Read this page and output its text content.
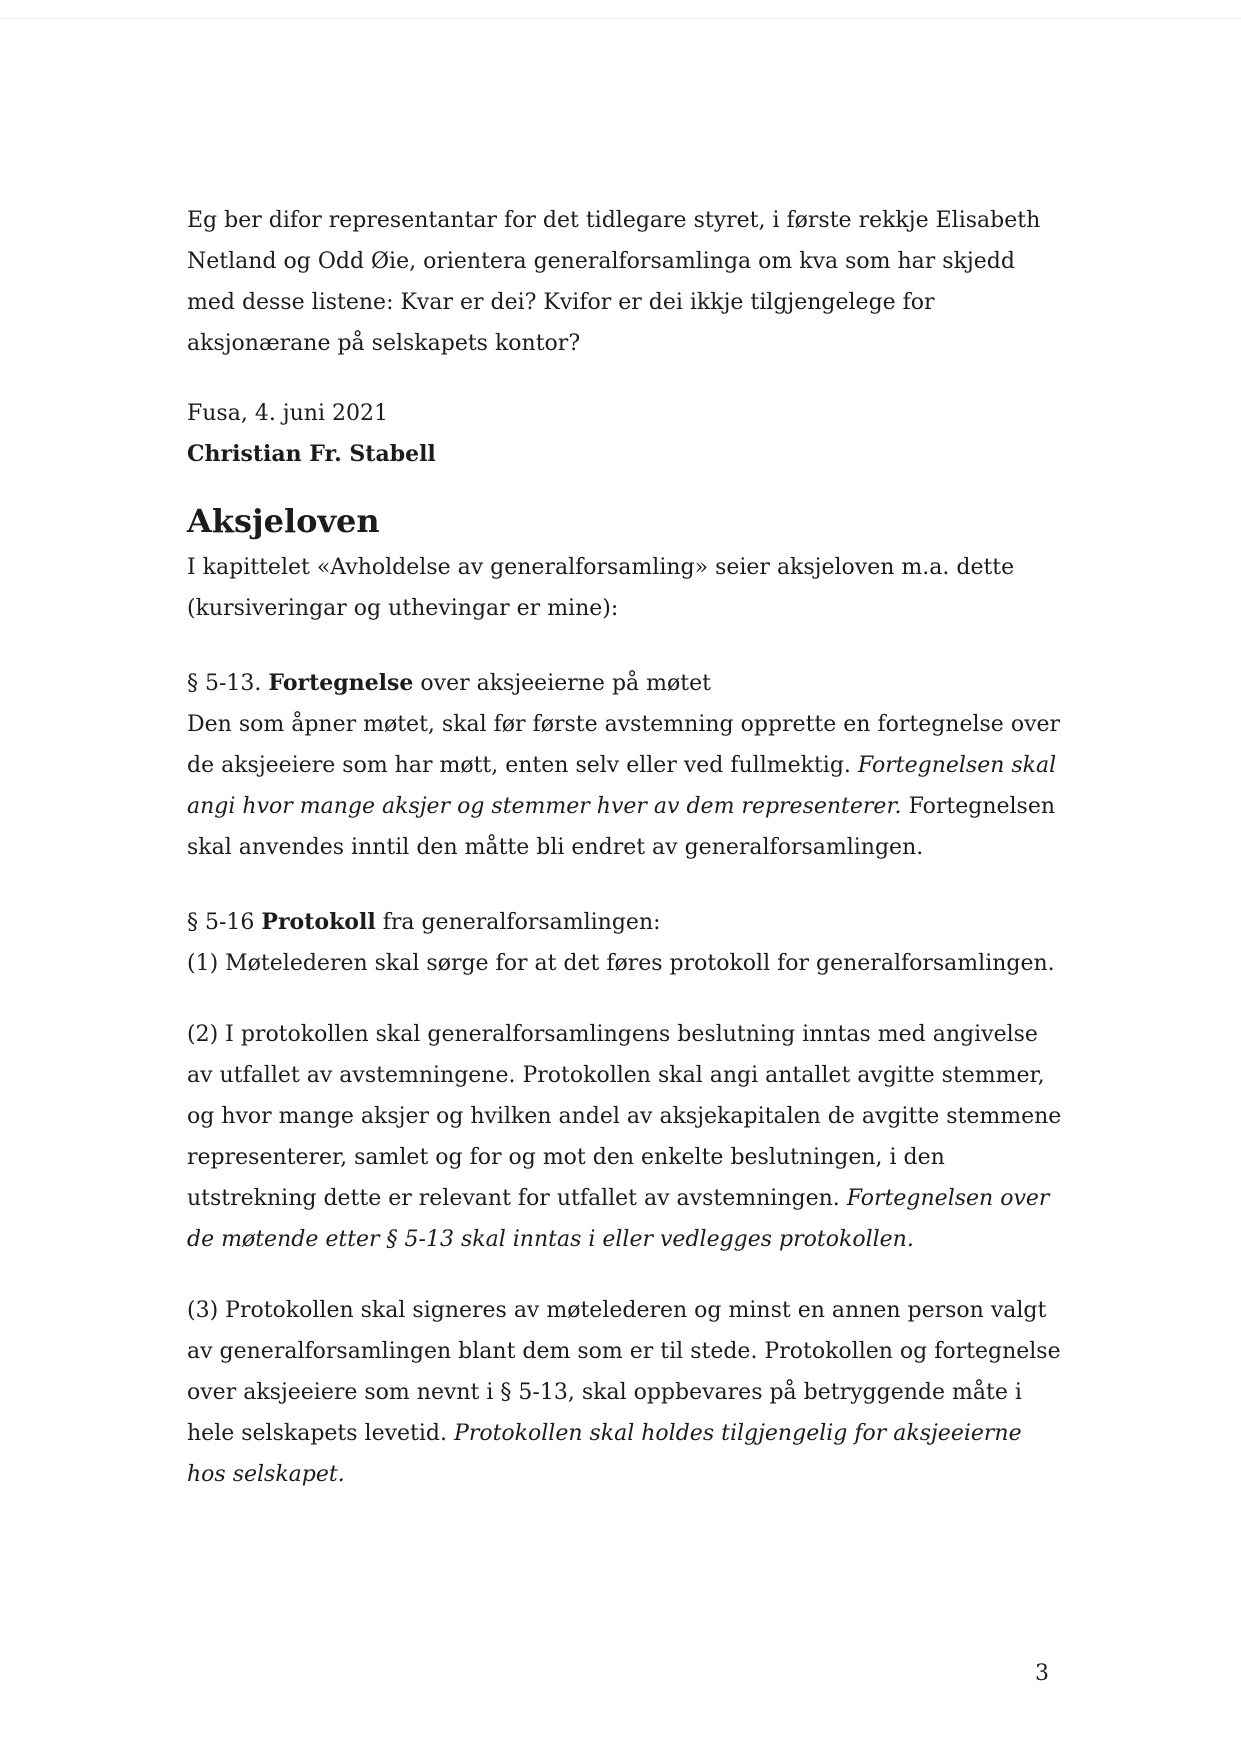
Eg ber difor representantar for det tidlegare styret, i første rekkje Elisabeth Netland og Odd Øie, orientera generalforsamlinga om kva som har skjedd med desse listene: Kvar er dei? Kvifor er dei ikkje tilgjengelege for aksjonærane på selskapets kontor?

Fusa, 4. juni 2021

Christian Fr. Stabell

Aksjeloven

I kapittelet «Avholdelse av generalforsamling» seier aksjeloven m.a. dette (kursiveringar og uthevingar er mine):

§ 5-13. Fortegnelse over aksjeeierne på møtet

Den som åpner møtet, skal før første avstemning opprette en fortegnelse over de aksjeeiere som har møtt, enten selv eller ved fullmektig. Fortegnelsen skal angi hvor mange aksjer og stemmer hver av dem representerer. Fortegnelsen skal anvendes inntil den måtte bli endret av generalforsamlingen.

§ 5-16 Protokoll fra generalforsamlingen:

(1) Møtelederen skal sørge for at det føres protokoll for generalforsamlingen.

(2) I protokollen skal generalforsamlingens beslutning inntas med angivelse av utfallet av avstemningene. Protokollen skal angi antallet avgitte stemmer, og hvor mange aksjer og hvilken andel av aksjekapitalen de avgitte stemmene representerer, samlet og for og mot den enkelte beslutningen, i den utstrekning dette er relevant for utfallet av avstemningen. Fortegnelsen over de møtende etter § 5-13 skal inntas i eller vedlegges protokollen.

(3) Protokollen skal signeres av møtelederen og minst en annen person valgt av generalforsamlingen blant dem som er til stede. Protokollen og fortegnelse over aksjeeiere som nevnt i § 5-13, skal oppbevares på betryggende måte i hele selskapets levetid. Protokollen skal holdes tilgjengelig for aksjeeierne hos selskapet.

3
